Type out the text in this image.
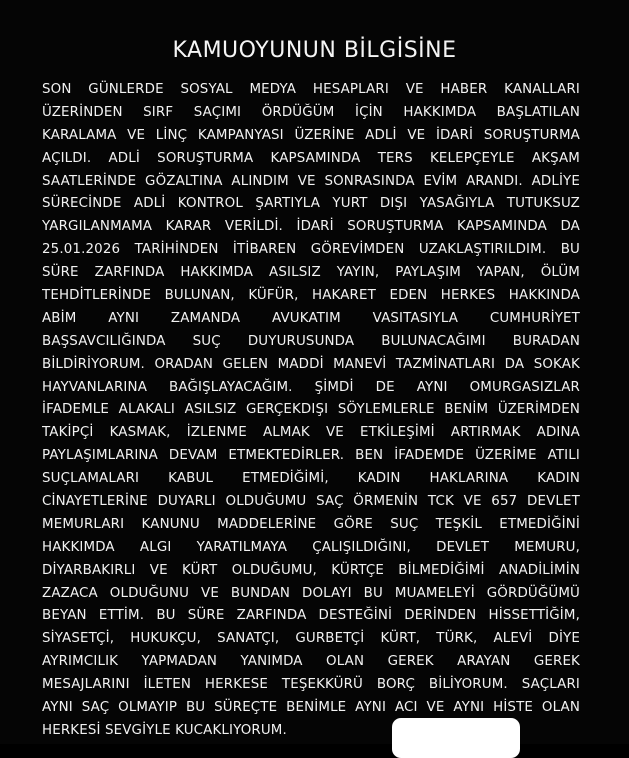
KAMUOYUNUN BİLGİSİNE
SON GÜNLERDE SOSYAL MEDYA HESAPLARI VE HABER KANALLARI
ÜZERİNDEN SIRF SAÇIMI ÖRDÜĞÜM İÇİN HAKKIMDA BAŞLATILAN
KARALAMA VE LİNÇ KAMPANYASI ÜZERİNE ADLİ VE İDARİ SORUŞTURMA
AÇILDI. ADLİ SORUŞTURMA KAPSAMINDA TERS KELEPÇEYLE AKŞAM
SAATLERİNDE GÖZALTINA ALINDIM VE SONRASINDA EVİM ARANDI. ADLİYE
SÜRECİNDE ADLİ KONTROL ŞARTIYLA YURT DIŞI YASAĞIYLA TUTUKSUZ
YARGILANMAMA KARAR VERİLDİ. İDARİ SORUŞTURMA KAPSAMINDA DA
25.01.2026 TARİHİNDEN İTİBAREN GÖREVİMDEN UZAKLAŞTIRILDIM. BU
SÜRE ZARFINDA HAKKIMDA ASILSIZ YAYIN, PAYLAŞIM YAPAN, ÖLÜM
TEHDİTLERİNDE BULUNAN, KÜFÜR, HAKARET EDEN HERKES HAKKINDA
ABİM AYNI ZAMANDA AVUKATIM VASITASIYLA CUMHURİYET
BAŞSAVCILIĞINDA SUÇ DUYURUSUNDA BULUNACAĞIMI BURADAN
BİLDİRİYORUM. ORADAN GELEN MADDİ MANEVİ TAZMİNATLARI DA SOKAK
HAYVANLARINA BAĞIŞLAYACAĞIM. ŞİMDİ DE AYNI OMURGASIZLAR
İFADEMLE ALAKALI ASILSIZ GERÇEKDIŞI SÖYLEMLERLE BENİM ÜZERİMDEN
TAKİPÇİ KASMAK, İZLENME ALMAK VE ETKİLEŞİMİ ARTIRMAK ADINA
PAYLAŞIMLARINA DEVAM ETMEKTEDİRLER. BEN İFADEMDE ÜZERİME ATILI
SUÇLAMALARI KABUL ETMEDİĞİMİ, KADIN HAKLARINA KADIN
CİNAYETLERİNE DUYARLI OLDUĞUMU SAÇ ÖRMENİN TCK VE 657 DEVLET
MEMURLARI KANUNU MADDELERİNE GÖRE SUÇ TEŞKİL ETMEDİĞİNİ
HAKKIMDA ALGI YARATILMAYA ÇALIŞILDIĞINI, DEVLET MEMURU,
DİYARBAKIRLI VE KÜRT OLDUĞUMU, KÜRTÇE BİLMEDİĞİMİ ANADİLİMİN
ZAZACA OLDUĞUNU VE BUNDAN DOLAYI BU MUAMELEYİ GÖRDÜĞÜMÜ
BEYAN ETTİM. BU SÜRE ZARFINDA DESTEĞİNİ DERİNDEN HİSSETTİĞİM,
SİYASETÇİ, HUKUKÇU, SANATÇI, GURBETÇİ KÜRT, TÜRK, ALEVİ DİYE
AYRIMCILIK YAPMADAN YANIMDA OLAN GEREK ARAYAN GEREK
MESAJLARINI İLETEN HERKESE TEŞEKKÜRÜ BORÇ BİLİYORUM. SAÇLARI
AYNI SAÇ OLMAYIP BU SÜREÇTE BENİMLE AYNI ACI VE AYNI HİSTE OLAN
HERKESİ SEVGİYLE KUCAKLIYORUM.
